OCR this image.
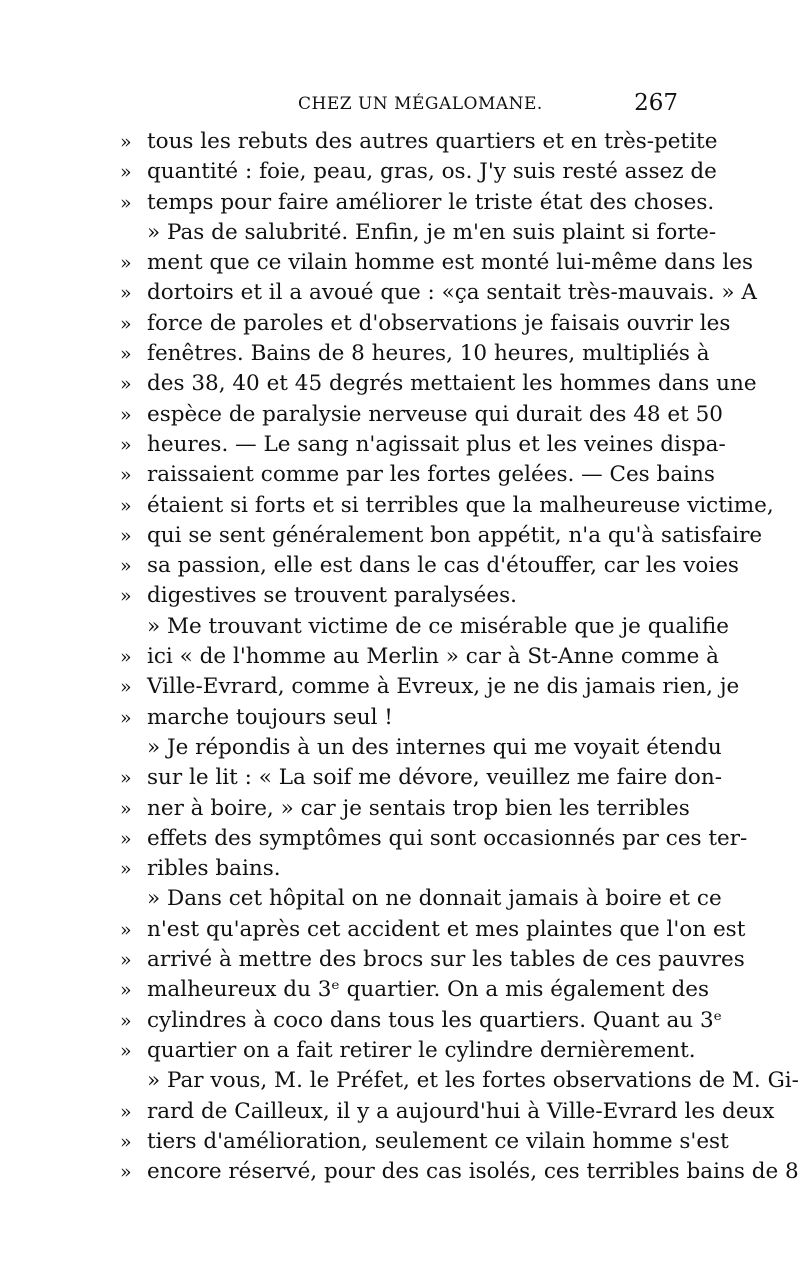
CHEZ UN MÉGALOMANE.	267
» tous les rebuts des autres quartiers et en très-petite
» quantité : foie, peau, gras, os. J'y suis resté assez de
» temps pour faire améliorer le triste état des choses.
» Pas de salubrité. Enfin, je m'en suis plaint si forte-
» ment que ce vilain homme est monté lui-même dans les
» dortoirs et il a avoué que : «ça sentait très-mauvais. » A
» force de paroles et d'observations je faisais ouvrir les
» fenêtres. Bains de 8 heures, 10 heures, multipliés à
» des 38, 40 et 45 degrés mettaient les hommes dans une
» espèce de paralysie nerveuse qui durait des 48 et 50
» heures. — Le sang n'agissait plus et les veines dispa-
» raissaient comme par les fortes gelées. — Ces bains
» étaient si forts et si terribles que la malheureuse victime,
» qui se sent généralement bon appétit, n'a qu'à satisfaire
» sa passion, elle est dans le cas d'étouffer, car les voies
» digestives se trouvent paralysées.
» Me trouvant victime de ce misérable que je qualifie
» ici « de l'homme au Merlin » car à St-Anne comme à
» Ville-Evrard, comme à Evreux, je ne dis jamais rien, je
» marche toujours seul !
» Je répondis à un des internes qui me voyait étendu
» sur le lit : « La soif me dévore, veuillez me faire don-
» ner à boire, » car je sentais trop bien les terribles
» effets des symptômes qui sont occasionnés par ces ter-
» ribles bains.
» Dans cet hôpital on ne donnait jamais à boire et ce
» n'est qu'après cet accident et mes plaintes que l'on est
» arrivé à mettre des brocs sur les tables de ces pauvres
» malheureux du 3ᵉ quartier. On a mis également des
» cylindres à coco dans tous les quartiers. Quant au 3ᵉ
» quartier on a fait retirer le cylindre dernièrement.
» Par vous, M. le Préfet, et les fortes observations de M. Gi-
» rard de Cailleux, il y a aujourd'hui à Ville-Evrard les deux
» tiers d'amélioration, seulement ce vilain homme s'est
» encore réservé, pour des cas isolés, ces terribles bains de 8
